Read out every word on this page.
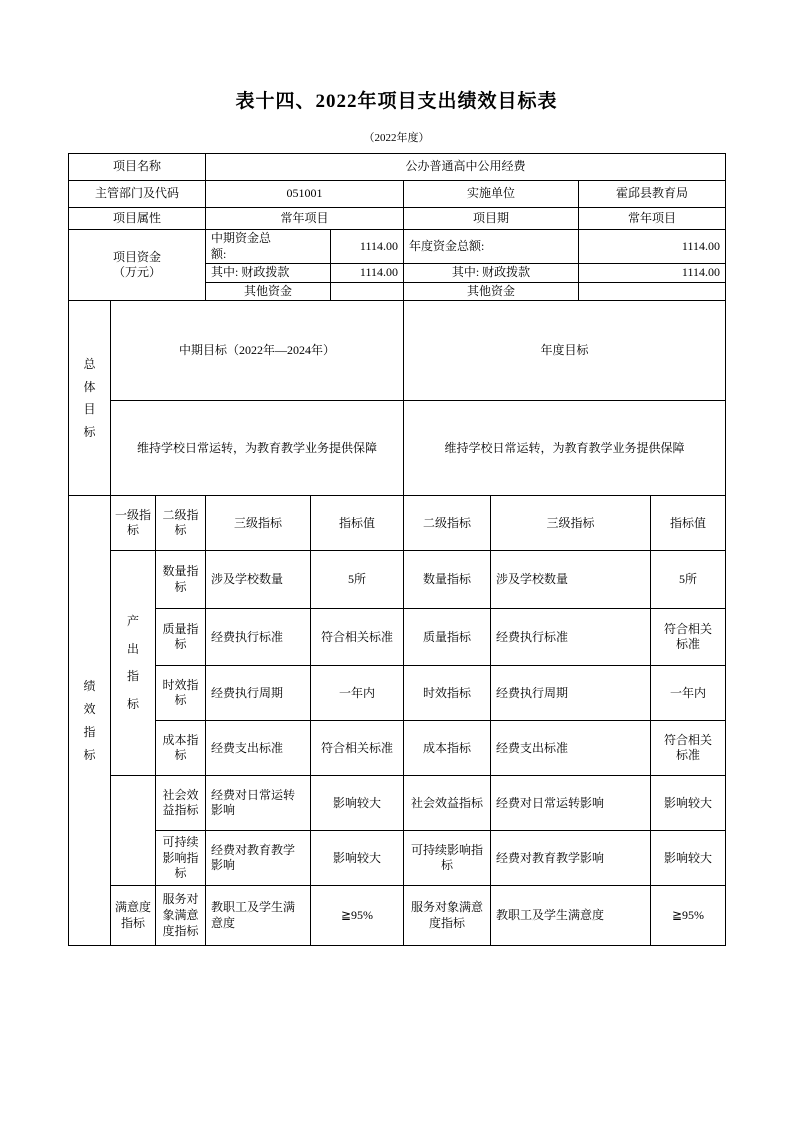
表十四、2022年项目支出绩效目标表
（2022年度）
项目名称	公办普通高中公用经费			
主管部门及代码	051001		实施单位	霍邱县教育局
项目属性	常年项目		项目期	常年项目
项目资金（万元）	中期资金总额:	1114.00	年度资金总额:	1114.00
	其中: 财政拨款	1114.00	其中: 财政拨款	1114.00
	其他资金		其他资金	
总体目标	中期目标（2022年—2024年）	年度目标
	维持学校日常运转，为教育教学业务提供保障	维持学校日常运转，为教育教学业务提供保障
绩效指标	一级指标	二级指标	三级指标	指标值	二级指标	三级指标	指标值
	产出指标	数量指标	涉及学校数量	5所	数量指标	涉及学校数量	5所
		质量指标	经费执行标准	符合相关标准	质量指标	经费执行标准	符合相关标准
		时效指标	经费执行周期	一年内	时效指标	经费执行周期	一年内
		成本指标	经费支出标准	符合相关标准	成本指标	经费支出标准	符合相关标准
		社会效益指标	经费对日常运转影响	影响较大	社会效益指标	经费对日常运转影响	影响较大
		可持续影响指标	经费对教育教学影响	影响较大	可持续影响指标	经费对教育教学影响	影响较大
	满意度指标	服务对象满意度指标	教职工及学生满意度	≧95%	服务对象满意度指标	教职工及学生满意度	≧95%
